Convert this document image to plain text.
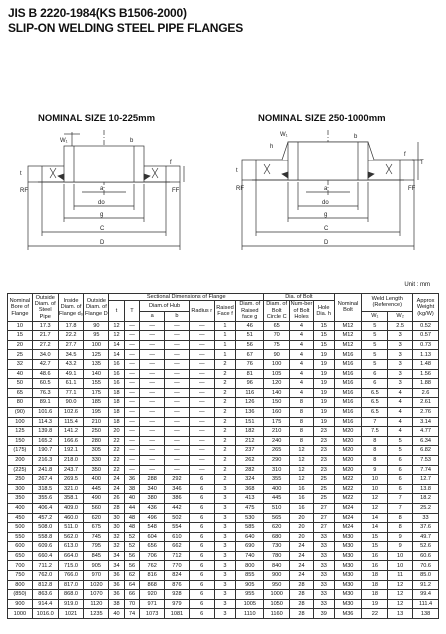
JIS B 2220-1984(KS B1506-2000)
SLIP-ON WELDING STEEL PIPE FLANGES
NOMINAL SIZE 10-225mm	NOMINAL SIZE 250-1000mm
W₁
t
f
RF	FF
a
do
g
C
D
b
W₁
h
t
f
T
RF	FF
a
do
g
C
D
b
Unit : mm
Nominal Bore of Flange	Outside Diam. of Steel Pipe	Inside Diam. of Flange d₀	Outside Diam. of Flange D	Sectional Dimensions of Flange							Dia. of Bolt			Nominal Bolt	Weld Length (Reference)		Approx Weight (kg/W)
				t	T	Diam.of Hub		Radius r	Raised Face f	Diam. of Raised face g	Diam. of Bolt Circle C	Num-ber of Bolt Holes	Hole Dia. h				
						a	b								W₁	W₂	
10	17.3	17.8	90	12	—	—	—	—	1	46	65	4	15	M12	5	2.5	0.52
15	21.7	22.2	95	12	—	—	—	—	1	51	70	4	15	M12	5	3	0.57
20	27.2	27.7	100	14	—	—	—	—	1	56	75	4	15	M12	5	3	0.73
25	34.0	34.5	125	14	—	—	—	—	1	67	90	4	19	M16	5	3	1.13
32	42.7	43.2	135	16	—	—	—	—	2	76	100	4	19	M16	5	3	1.48
40	48.6	49.1	140	16	—	—	—	—	2	81	105	4	19	M16	6	3	1.56
50	60.5	61.1	155	16	—	—	—	—	2	96	120	4	19	M16	6	3	1.88
65	76.3	77.1	175	18	—	—	—	—	2	116	140	4	19	M16	6.5	4	2.6
80	89.1	90.0	185	18	—	—	—	—	2	126	150	8	19	M16	6.5	4	2.61
(90)	101.6	102.6	195	18	—	—	—	—	2	136	160	8	19	M16	6.5	4	2.76
100	114.3	115.4	210	18	—	—	—	—	2	151	175	8	19	M16	7	4	3.14
125	139.8	141.2	250	20	—	—	—	—	2	182	210	8	23	M20	7.5	4	4.77
150	165.2	166.6	280	22	—	—	—	—	2	212	240	8	23	M20	8	5	6.34
(175)	190.7	192.1	305	22	—	—	—	—	2	237	265	12	23	M20	8	5	6.82
200	216.3	218.0	330	22	—	—	—	—	2	262	290	12	23	M20	8	6	7.53
(225)	241.8	243.7	350	22	—	—	—	—	2	282	310	12	23	M20	9	6	7.74
250	267.4	269.5	400	24	36	288	292	6	2	324	355	12	25	M22	10	6	12.7
300	318.5	321.0	445	24	38	340	346	6	3	368	400	16	25	M22	10	6	13.8
350	355.6	358.1	490	26	40	380	386	6	3	413	445	16	25	M22	12	7	18.2
400	406.4	409.0	560	28	44	436	442	6	3	475	510	16	27	M24	12	7	25.2
450	457.2	460.0	620	30	48	496	502	6	3	530	565	20	27	M24	14	8	33
500	508.0	511.0	675	30	48	548	554	6	3	585	620	20	27	M24	14	8	37.6
550	558.8	562.0	745	32	52	604	610	6	3	640	680	20	33	M30	15	9	49.7
600	609.6	613.0	795	32	52	656	662	6	3	690	730	24	33	M30	15	9	52.6
650	660.4	664.0	845	34	56	706	712	6	3	740	780	24	33	M30	16	10	60.6
700	711.2	715.0	905	34	56	762	770	6	3	800	840	24	33	M30	16	10	70.6
750	762.0	766.0	970	36	62	816	824	6	3	855	900	24	33	M30	18	11	85.0
800	812.8	817.0	1020	36	64	868	876	6	3	905	950	28	33	M30	18	12	91.2
(850)	863.6	868.0	1070	36	66	920	928	6	3	955	1000	28	33	M30	18	12	99.4
900	914.4	919.0	1120	38	70	971	979	6	3	1005	1050	28	33	M30	19	12	111.4
1000	1016.0	1021	1235	40	74	1073	1081	6	3	1110	1160	28	39	M36	22	13	138
